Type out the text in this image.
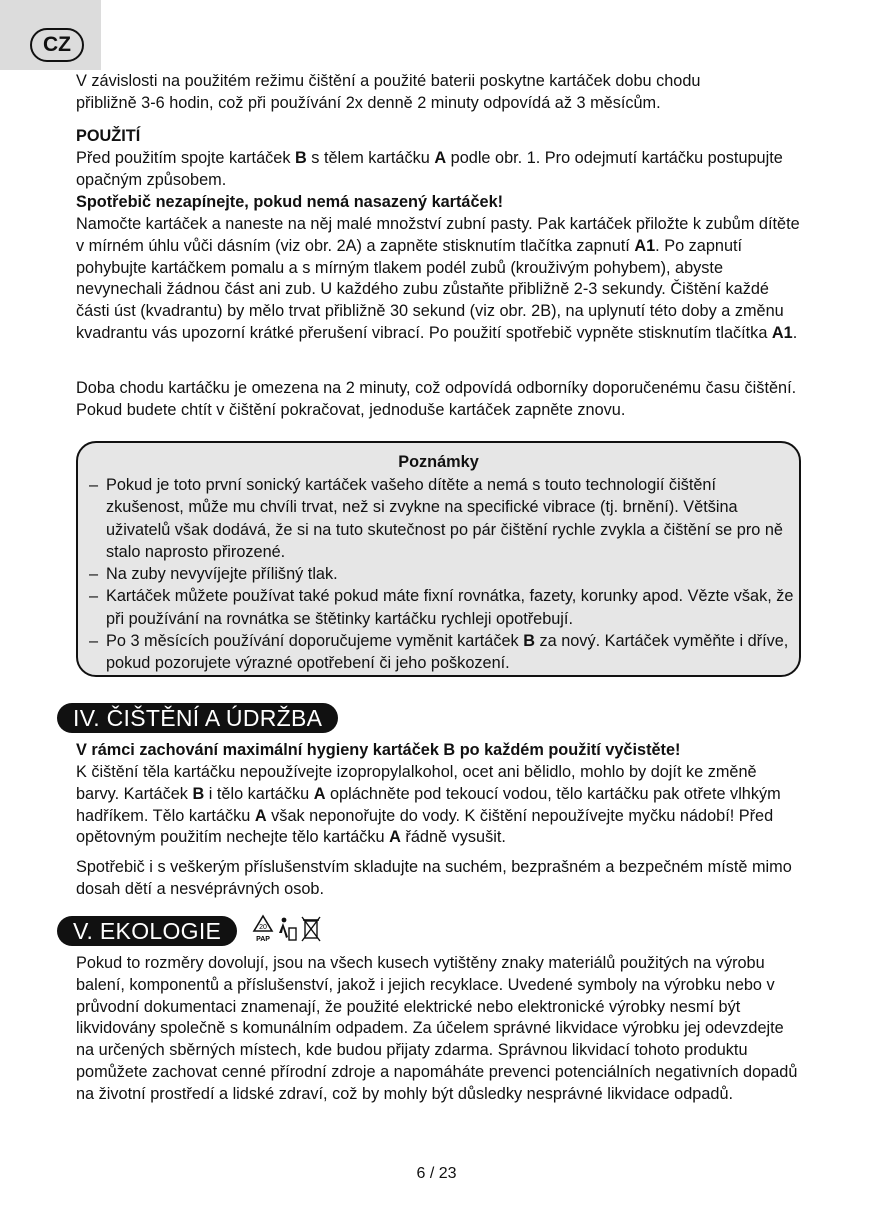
CZ

V závislosti na použitém režimu čištění a použité baterii poskytne kartáček dobu chodu
přibližně 3-6 hodin, což při používání 2x denně 2 minuty odpovídá až 3 měsícům.

POUŽITÍ

Před použitím spojte kartáček B s tělem kartáčku A podle obr. 1. Pro odejmutí kartáčku postupujte opačným způsobem.

Spotřebič nezapínejte, pokud nemá nasazený kartáček!

Namočte kartáček a naneste na něj malé množství zubní pasty. Pak kartáček přiložte k zubům dítěte v mírném úhlu vůči dásním (viz obr. 2A) a zapněte stisknutím tlačítka zapnutí A1. Po zapnutí pohybujte kartáčkem pomalu a s mírným tlakem podél zubů (krouživým pohybem), abyste nevynechali žádnou část ani zub. U každého zubu zůstaňte přibližně 2-3 sekundy. Čištění každé části úst (kvadrantu) by mělo trvat přibližně 30 sekund (viz obr. 2B), na uplynutí této doby a změnu kvadrantu vás upozorní krátké přerušení vibrací. Po použití spotřebič vypněte stisknutím tlačítka A1.

Doba chodu kartáčku je omezena na 2 minuty, což odpovídá odborníky doporučenému času čištění. Pokud budete chtít v čištění pokračovat, jednoduše kartáček zapněte znovu.

Poznámky
– Pokud je toto první sonický kartáček vašeho dítěte a nemá s touto technologií čištění zkušenost, může mu chvíli trvat, než si zvykne na specifické vibrace (tj. brnění). Většina uživatelů však dodává, že si na tuto skutečnost po pár čištění rychle zvykla a čištění se pro ně stalo naprosto přirozené.
– Na zuby nevyvíjejte přílišný tlak.
– Kartáček můžete používat také pokud máte fixní rovnátka, fazety, korunky apod. Vězte však, že při používání na rovnátka se štětinky kartáčku rychleji opotřebují.
– Po 3 měsících používání doporučujeme vyměnit kartáček B za nový. Kartáček vyměňte i dříve, pokud pozorujete výrazné opotřebení či jeho poškození.
IV. ČIŠTĚNÍ A ÚDRŽBA

V rámci zachování maximální hygieny kartáček B po každém použití vyčistěte!

K čištění těla kartáčku nepoužívejte izopropylalkohol, ocet ani bělidlo, mohlo by dojít ke změně barvy. Kartáček B i tělo kartáčku A opláchněte pod tekoucí vodou, tělo kartáčku pak otřete vlhkým hadříkem. Tělo kartáčku A však neponořujte do vody. K čištění nepoužívejte myčku nádobí! Před opětovným použitím nechejte tělo kartáčku A řádně vysušit.

Spotřebič i s veškerým příslušenstvím skladujte na suchém, bezprašném a bezpečném místě mimo dosah dětí a nesvéprávných osob.

V. EKOLOGIE	20
PAP

Pokud to rozměry dovolují, jsou na všech kusech vytištěny znaky materiálů použitých na výrobu balení, komponentů a příslušenství, jakož i jejich recyklace. Uvedené symboly na výrobku nebo v průvodní dokumentaci znamenají, že použité elektrické nebo elektronické výrobky nesmí být likvidovány společně s komunálním odpadem. Za účelem správné likvidace výrobku jej odevzdejte na určených sběrných místech, kde budou přijaty zdarma. Správnou likvidací tohoto produktu pomůžete zachovat cenné přírodní zdroje a napomáháte prevenci potenciálních negativních dopadů na životní prostředí a lidské zdraví, což by mohly být důsledky nesprávné likvidace odpadů.

6 / 23
